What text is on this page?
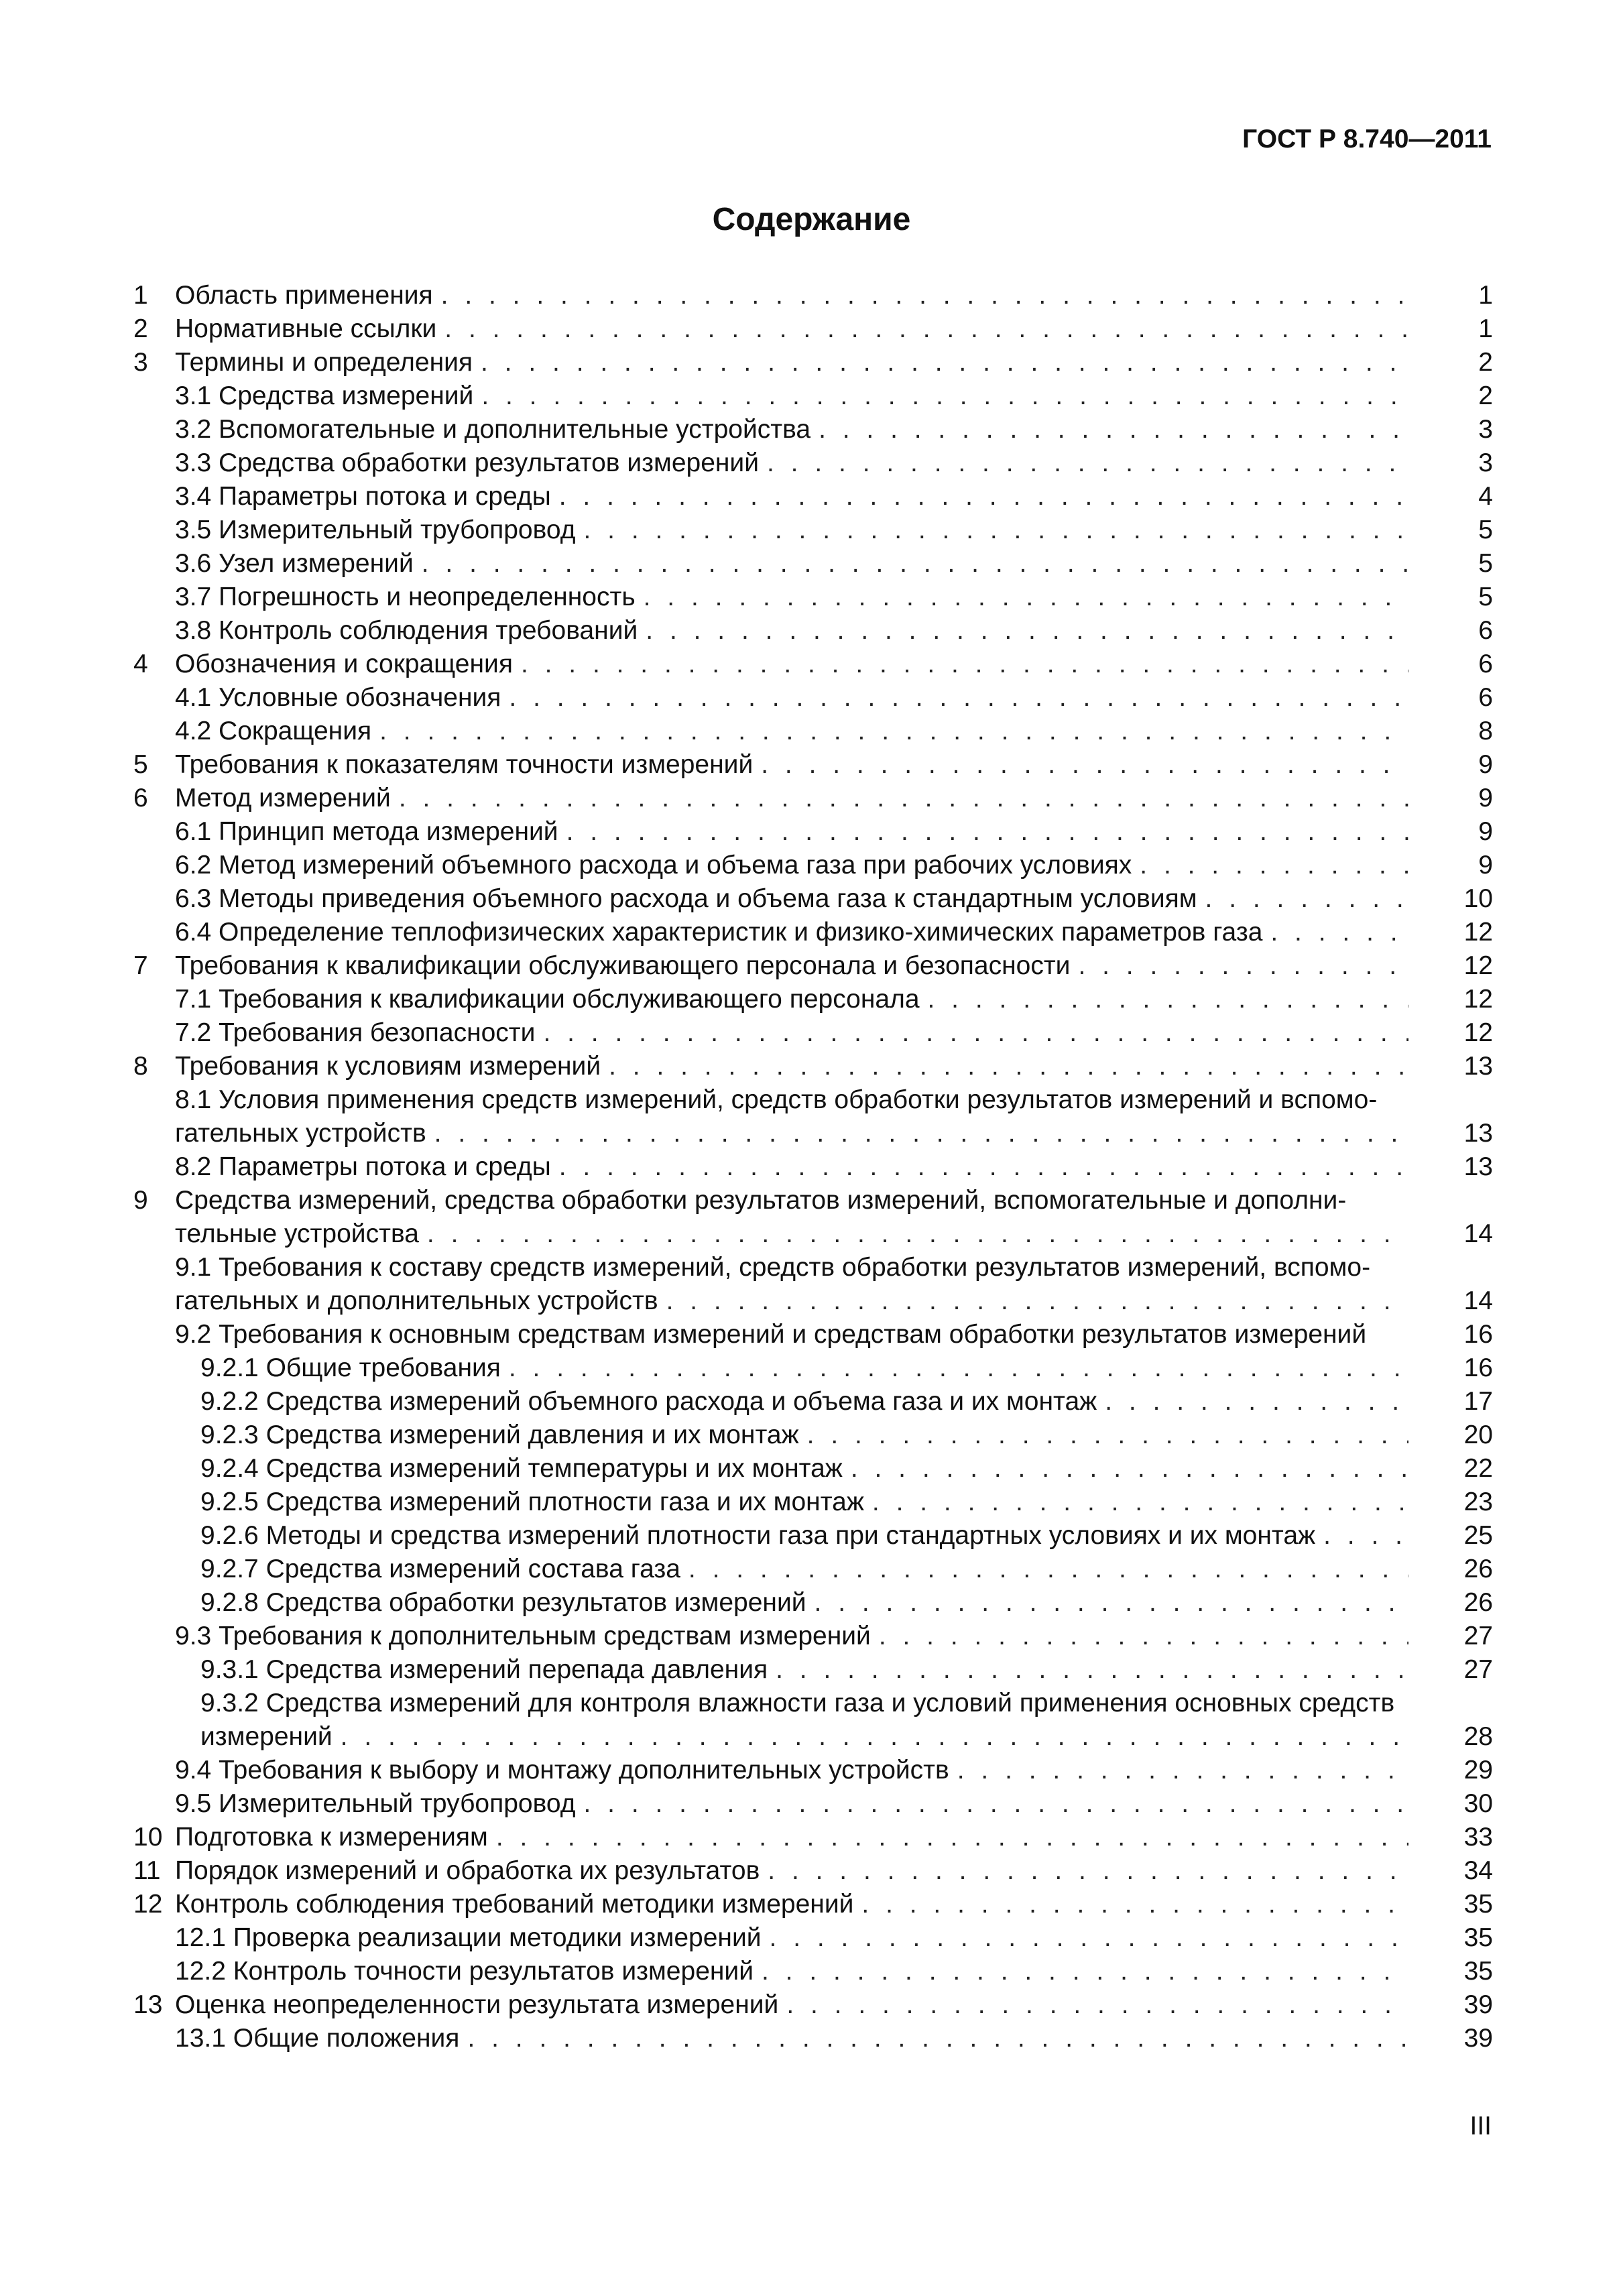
ГОСТ Р 8.740—2011
Содержание
1 Область применения . . .	1
2 Нормативные ссылки . . .	1
3 Термины и определения . . .	2
3.1 Средства измерений . . .	2
3.2 Вспомогательные и дополнительные устройства . . .	3
3.3 Средства обработки результатов измерений . . .	3
3.4 Параметры потока и среды . . .	4
3.5 Измерительный трубопровод . . .	5
3.6 Узел измерений . . .	5
3.7 Погрешность и неопределенность . . .	5
3.8 Контроль соблюдения требований . . .	6
4 Обозначения и сокращения . . .	6
4.1 Условные обозначения . . .	6
4.2 Сокращения . . .	8
5 Требования к показателям точности измерений . . .	9
6 Метод измерений . . .	9
6.1 Принцип метода измерений . . .	9
6.2 Метод измерений объемного расхода и объема газа при рабочих условиях . . .	9
6.3 Методы приведения объемного расхода и объема газа к стандартным условиям . . .	10
6.4 Определение теплофизических характеристик и физико-химических параметров газа . . .	12
7 Требования к квалификации обслуживающего персонала и безопасности . . .	12
7.1 Требования к квалификации обслуживающего персонала . . .	12
7.2 Требования безопасности . . .	12
8 Требования к условиям измерений . . .	13
8.1 Условия применения средств измерений, средств обработки результатов измерений и вспомо-
гательных устройств . . .	13
8.2 Параметры потока и среды . . .	13
9 Средства измерений, средства обработки результатов измерений, вспомогательные и дополни-
тельные устройства . . .	14
9.1 Требования к составу средств измерений, средств обработки результатов измерений, вспомо-
гательных и дополнительных устройств . . .	14
9.2 Требования к основным средствам измерений и средствам обработки результатов измерений	16
9.2.1 Общие требования . . .	16
9.2.2 Средства измерений объемного расхода и объема газа и их монтаж . . .	17
9.2.3 Средства измерений давления и их монтаж . . .	20
9.2.4 Средства измерений температуры и их монтаж . . .	22
9.2.5 Средства измерений плотности газа и их монтаж . . .	23
9.2.6 Методы и средства измерений плотности газа при стандартных условиях и их монтаж . . .	25
9.2.7 Средства измерений состава газа . . .	26
9.2.8 Средства обработки результатов измерений . . .	26
9.3 Требования к дополнительным средствам измерений . . .	27
9.3.1 Средства измерений перепада давления . . .	27
9.3.2 Средства измерений для контроля влажности газа и условий применения основных средств
измерений . . .	28
9.4 Требования к выбору и монтажу дополнительных устройств . . .	29
9.5 Измерительный трубопровод . . .	30
10 Подготовка к измерениям . . .	33
11 Порядок измерений и обработка их результатов . . .	34
12 Контроль соблюдения требований методики измерений . . .	35
12.1 Проверка реализации методики измерений . . .	35
12.2 Контроль точности результатов измерений . . .	35
13 Оценка неопределенности результата измерений . . .	39
13.1 Общие положения . . .	39
III
